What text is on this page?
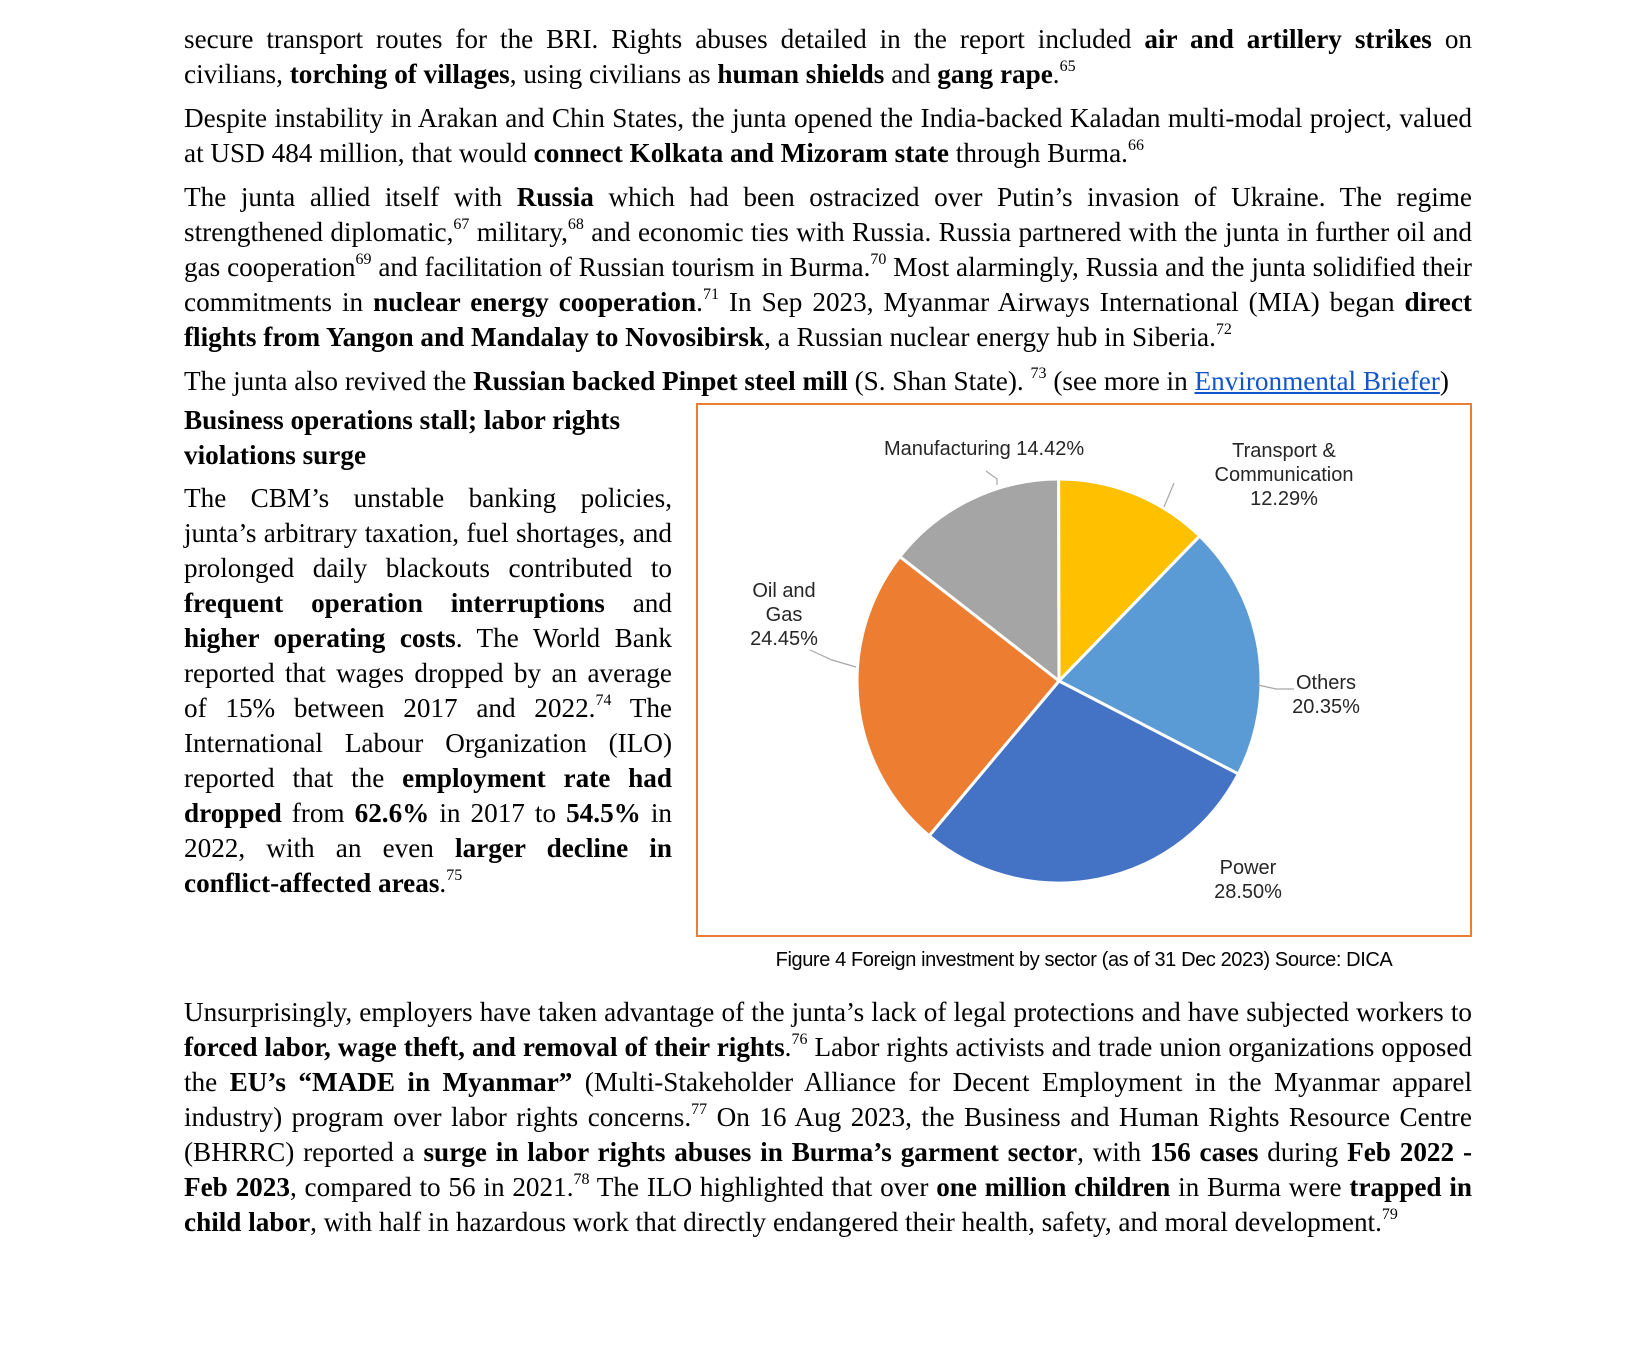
secure transport routes for the BRI. Rights abuses detailed in the report included air and artillery strikes on civilians, torching of villages, using civilians as human shields and gang rape.$^{65}$

Despite instability in Arakan and Chin States, the junta opened the India-backed Kaladan multi-modal project, valued at USD 484 million, that would connect Kolkata and Mizoram state through Burma.$^{66}$

The junta allied itself with Russia which had been ostracized over Putin’s invasion of Ukraine. The regime strengthened diplomatic,$^{67}$ military,$^{68}$ and economic ties with Russia. Russia partnered with the junta in further oil and gas cooperation$^{69}$ and facilitation of Russian tourism in Burma.$^{70}$ Most alarmingly, Russia and the junta solidified their commitments in nuclear energy cooperation.$^{71}$ In Sep 2023, Myanmar Airways International (MIA) began direct flights from Yangon and Mandalay to Novosibirsk, a Russian nuclear energy hub in Siberia.$^{72}$

The junta also revived the Russian backed Pinpet steel mill (S. Shan State). $^{73}$ (see more in Environmental Briefer)

Business operations stall; labor rights violations surge

The CBM’s unstable banking policies, junta’s arbitrary taxation, fuel shortages, and prolonged daily blackouts contributed to frequent operation interruptions and higher operating costs. The World Bank reported that wages dropped by an average of 15% between 2017 and 2022.74 The International Labour Organization (ILO) reported that the employment rate had dropped from 62.6% in 2017 to 54.5% in 2022, with an even larger decline in conflict-affected areas.$^{75}$

Manufacturing 14.42%	Transport & Communication 12.29%
Others 20.35%
Power 28.50%
Oil and Gas 24.45%
Figure 4 Foreign investment by sector (as of 31 Dec 2023) Source: DICA

Unsurprisingly, employers have taken advantage of the junta’s lack of legal protections and have subjected workers to forced labor, wage theft, and removal of their rights.$^{76}$ Labor rights activists and trade union organizations opposed the EU’s “MADE in Myanmar” (Multi-Stakeholder Alliance for Decent Employment in the Myanmar apparel industry) program over labor rights concerns.$^{77}$ On 16 Aug 2023, the Business and Human Rights Resource Centre (BHRRC) reported a surge in labor rights abuses in Burma’s garment sector, with 156 cases during Feb 2022 - Feb 2023, compared to 56 in 2021.78 The ILO highlighted that over one million children in Burma were trapped in child labor, with half in hazardous work that directly endangered their health, safety, and moral development.$^{79}$
